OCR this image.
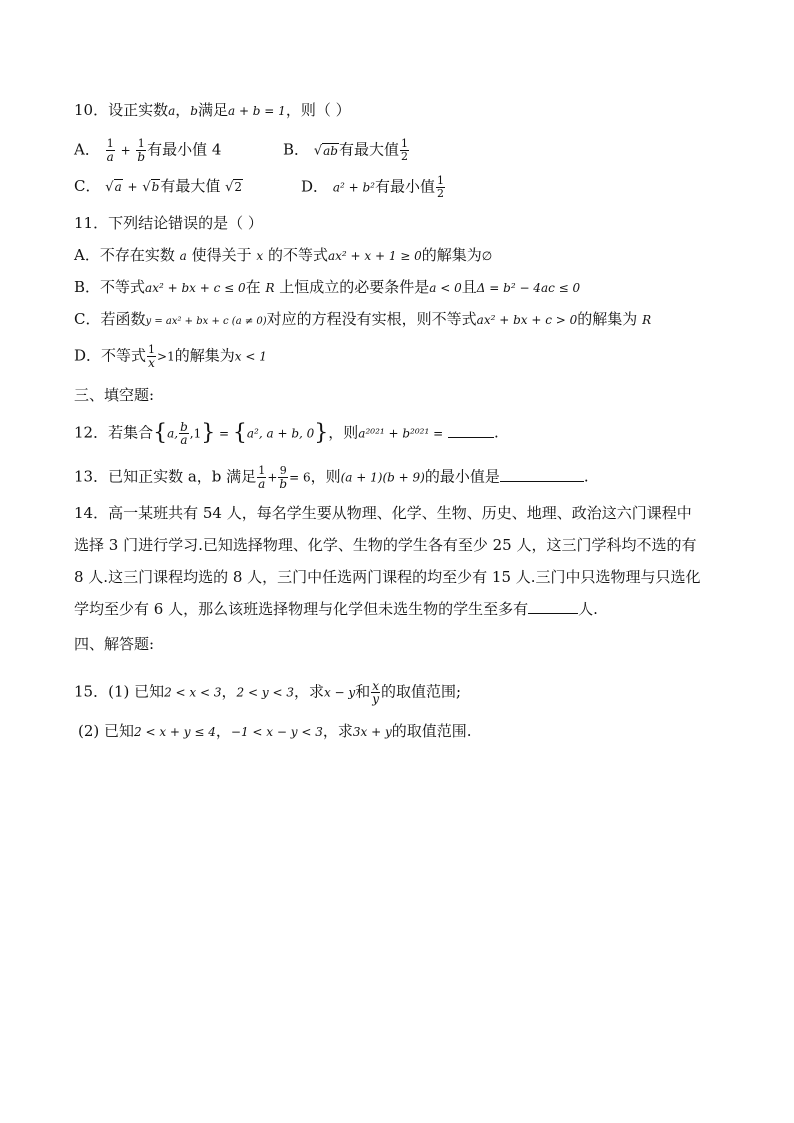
10．设正实数a，b满足a + b = 1，则（ ）
A． $\frac{1}{a} + \frac{1}{b}$ 有最小值 4	B． √ab有最大值 $\frac{1}{2}$
C． √a + √b有最大值 √2	D． a² + b²有最小值 $\frac{1}{2}$
11．下列结论错误的是（ ）
A．不存在实数 a 使得关于 x 的不等式ax² + x + 1 ≥ 0的解集为∅
B．不等式ax² + bx + c ≤ 0在 R 上恒成立的必要条件是a < 0且Δ = b² − 4ac ≤ 0
C．若函数y = ax² + bx + c (a ≠ 0)对应的方程没有实根，则不等式ax² + bx + c > 0的解集为 R
D．不等式 $\frac{1}{x} >1$的解集为x < 1
三、填空题:
12．若集合{a, $\frac{b}{a} ,1\} = \{a^2$, a + b, 0}，则a²⁰²¹ + b²⁰²¹ =	.
13．已知正实数 a，b 满足 $\frac{1}{a} + \frac{9}{b} = 6$，则(a + 1)(b + 9)的最小值是	.
14．高一某班共有 54 人，每名学生要从物理、化学、生物、历史、地理、政治这六门课程中
选择 3 门进行学习.已知选择物理、化学、生物的学生各有至少 25 人，这三门学科均不选的有
8 人.这三门课程均选的 8 人，三门中任选两门课程的均至少有 15 人.三门中只选物理与只选化
学均至少有 6 人，那么该班选择物理与化学但未选生物的学生至多有	人.
四、解答题:
15．(1) 已知2 < x < 3，2 < y < 3，求x − y和 $\frac{x}{y}$ 的取值范围;
(2) 已知2 < x + y ≤ 4，−1 < x − y < 3，求3x + y的取值范围.
